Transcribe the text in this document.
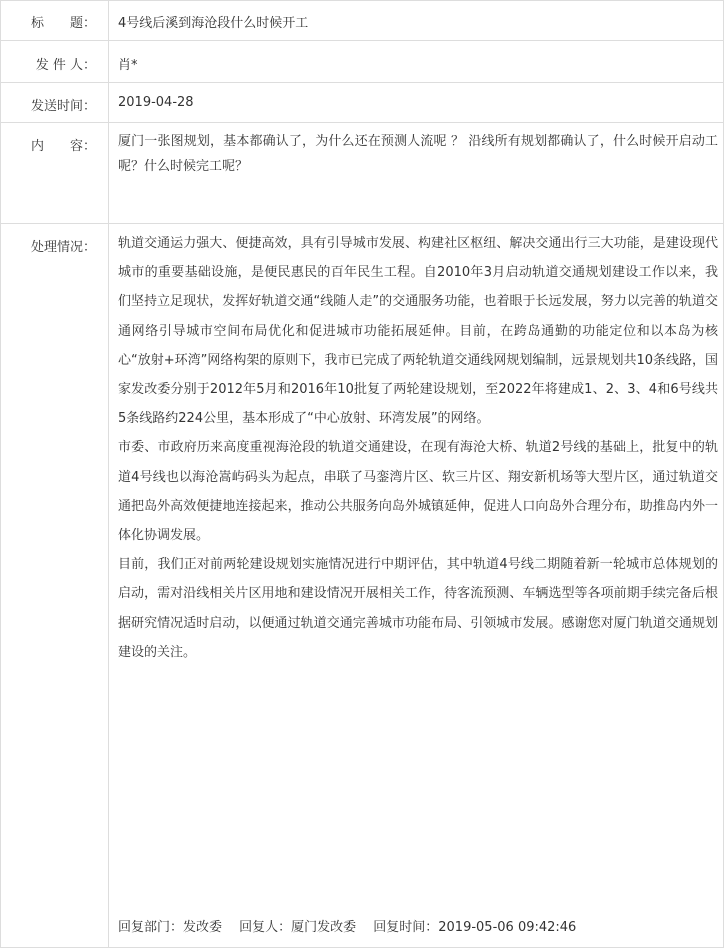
标　　题： 4号线后溪到海沧段什么时候开工
发 件 人： 肖*
发送时间： 2019-04-28
内　　容： 厦门一张图规划，基本都确认了，为什么还在预测人流呢 ？ 沿线所有规划都确认了，什么时候开启动工呢？什么时候完工呢？

处理情况： 轨道交通运力强大、便捷高效，具有引导城市发展、构建社区枢纽、解决交通出行三大功能，是建设现代城市的重要基础设施，是便民惠民的百年民生工程。自2010年3月启动轨道交通规划建设工作以来，我们坚持立足现状，发挥好轨道交通“线随人走”的交通服务功能，也着眼于长远发展，努力以完善的轨道交通网络引导城市空间布局优化和促进城市功能拓展延伸。目前，在跨岛通勤的功能定位和以本岛为核心“放射+环湾”网络构架的原则下，我市已完成了两轮轨道交通线网规划编制，远景规划共10条线路，国家发改委分别于2012年5月和2016年10批复了两轮建设规划，至2022年将建成1、2、3、4和6号线共5条线路约224公里，基本形成了“中心放射、环湾发展”的网络。

市委、市政府历来高度重视海沧段的轨道交通建设，在现有海沧大桥、轨道2号线的基础上，批复中的轨道4号线也以海沧嵩屿码头为起点，串联了马銮湾片区、软三片区、翔安新机场等大型片区，通过轨道交通把岛外高效便捷地连接起来，推动公共服务向岛外城镇延伸，促进人口向岛外合理分布，助推岛内外一体化协调发展。

目前，我们正对前两轮建设规划实施情况进行中期评估，其中轨道4号线二期随着新一轮城市总体规划的启动，需对沿线相关片区用地和建设情况开展相关工作，待客流预测、车辆选型等各项前期手续完备后根据研究情况适时启动，以便通过轨道交通完善城市功能布局、引领城市发展。感谢您对厦门轨道交通规划建设的关注。

回复部门：发改委　 回复人：厦门发改委　 回复时间：2019-05-06 09:42:46
